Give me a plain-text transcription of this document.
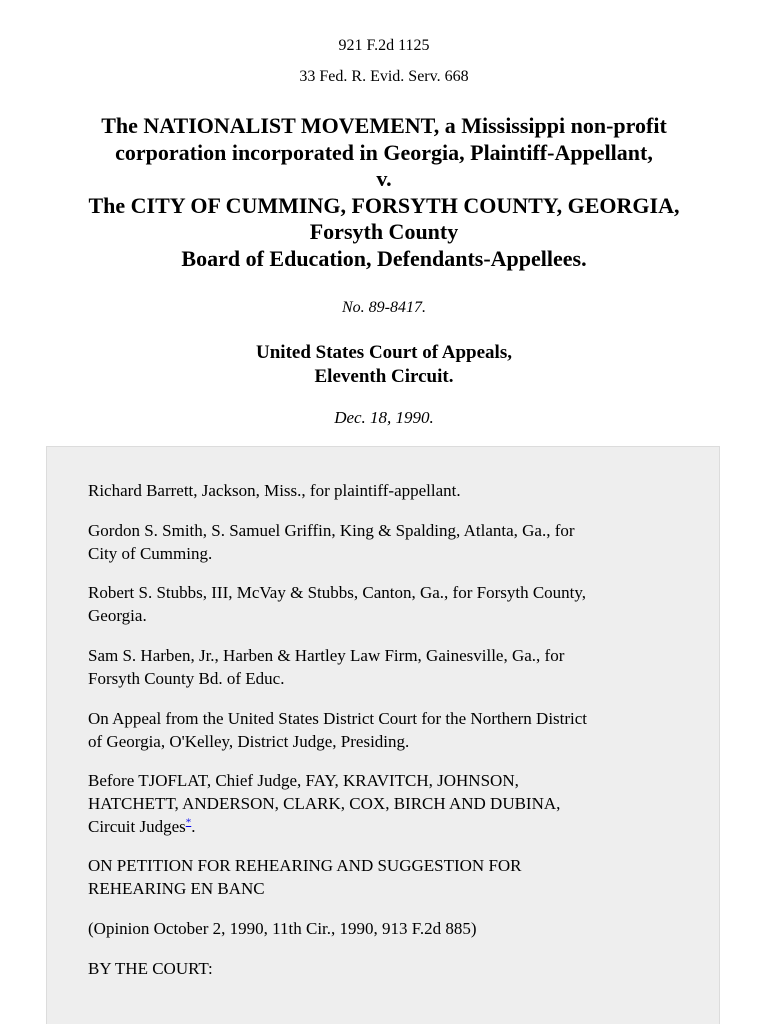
921 F.2d 1125
33 Fed. R. Evid. Serv. 668
The NATIONALIST MOVEMENT, a Mississippi non-profit
corporation incorporated in Georgia, Plaintiff-Appellant,
v.
The CITY OF CUMMING, FORSYTH COUNTY, GEORGIA,
Forsyth County
Board of Education, Defendants-Appellees.
No. 89-8417.
United States Court of Appeals,
Eleventh Circuit.
Dec. 18, 1990.
Richard Barrett, Jackson, Miss., for plaintiff-appellant.
Gordon S. Smith, S. Samuel Griffin, King & Spalding, Atlanta, Ga., for
City of Cumming.
Robert S. Stubbs, III, McVay & Stubbs, Canton, Ga., for Forsyth County,
Georgia.
Sam S. Harben, Jr., Harben & Hartley Law Firm, Gainesville, Ga., for
Forsyth County Bd. of Educ.
On Appeal from the United States District Court for the Northern District
of Georgia, O'Kelley, District Judge, Presiding.
Before TJOFLAT, Chief Judge, FAY, KRAVITCH, JOHNSON,
HATCHETT, ANDERSON, CLARK, COX, BIRCH AND DUBINA,
Circuit Judges*.
ON PETITION FOR REHEARING AND SUGGESTION FOR
REHEARING EN BANC
(Opinion October 2, 1990, 11th Cir., 1990, 913 F.2d 885)
BY THE COURT:
